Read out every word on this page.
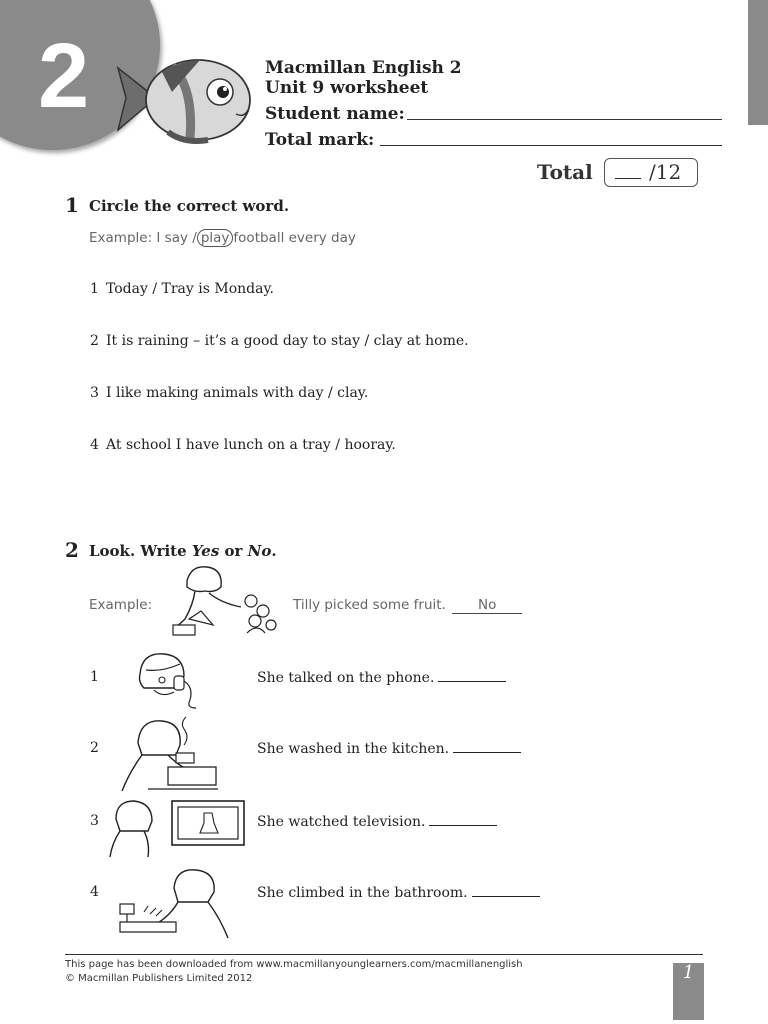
2	Macmillan English 2
Unit 9 worksheet
Student name:
Total mark:
Total	/12
1 Circle the correct word.
Example: I say / play football every day
1 Today / Tray is Monday.
2 It is raining – it’s a good day to stay / clay at home.
3 I like making animals with day / clay.
4 At school I have lunch on a tray / hooray.
2 Look. Write Yes or No.
Example:	Tilly picked some fruit. No
1	She talked on the phone.
2	She washed in the kitchen.
3	She watched television.
4	She climbed in the bathroom.
This page has been downloaded from www.macmillanyounglearners.com/macmillanenglish
© Macmillan Publishers Limited 2012	1
